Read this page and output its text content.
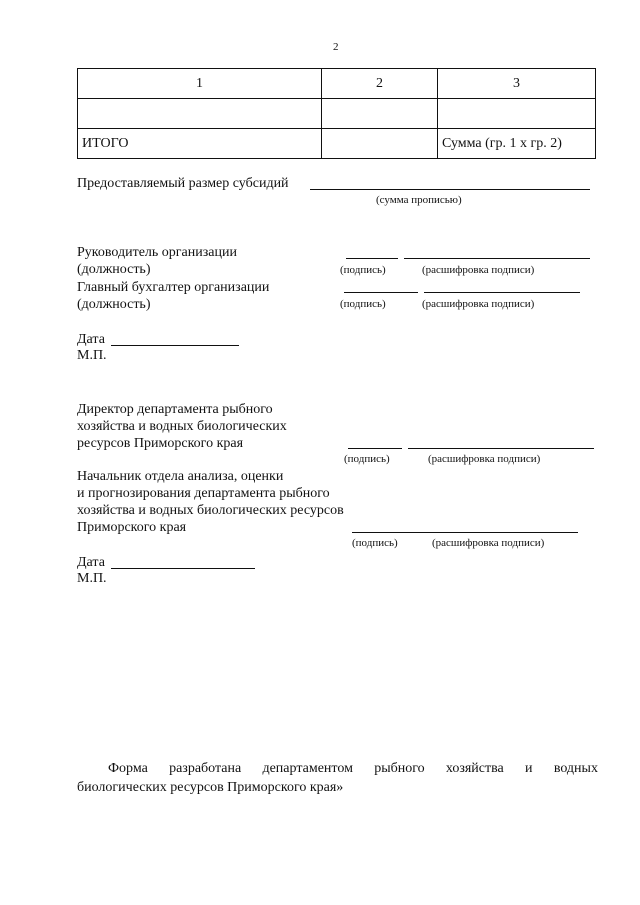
2
1	2	3

ИТОГО		Сумма (гр. 1 х гр. 2)
Предоставляемый размер субсидий
(сумма прописью)
Руководитель организации
(должность)	(подпись)	(расшифровка подписи)
Главный бухгалтер организации
(должность)	(подпись)	(расшифровка подписи)
Дата
М.П.
Директор департамента рыбного
хозяйства и водных биологических
ресурсов Приморского края
(подпись)	(расшифровка подписи)
Начальник отдела анализа, оценки
и прогнозирования департамента рыбного
хозяйства и водных биологических ресурсов
Приморского края
(подпись)	(расшифровка подписи)
Дата
М.П.
Форма разработана департаментом рыбного хозяйства и водных
биологических ресурсов Приморского края»
